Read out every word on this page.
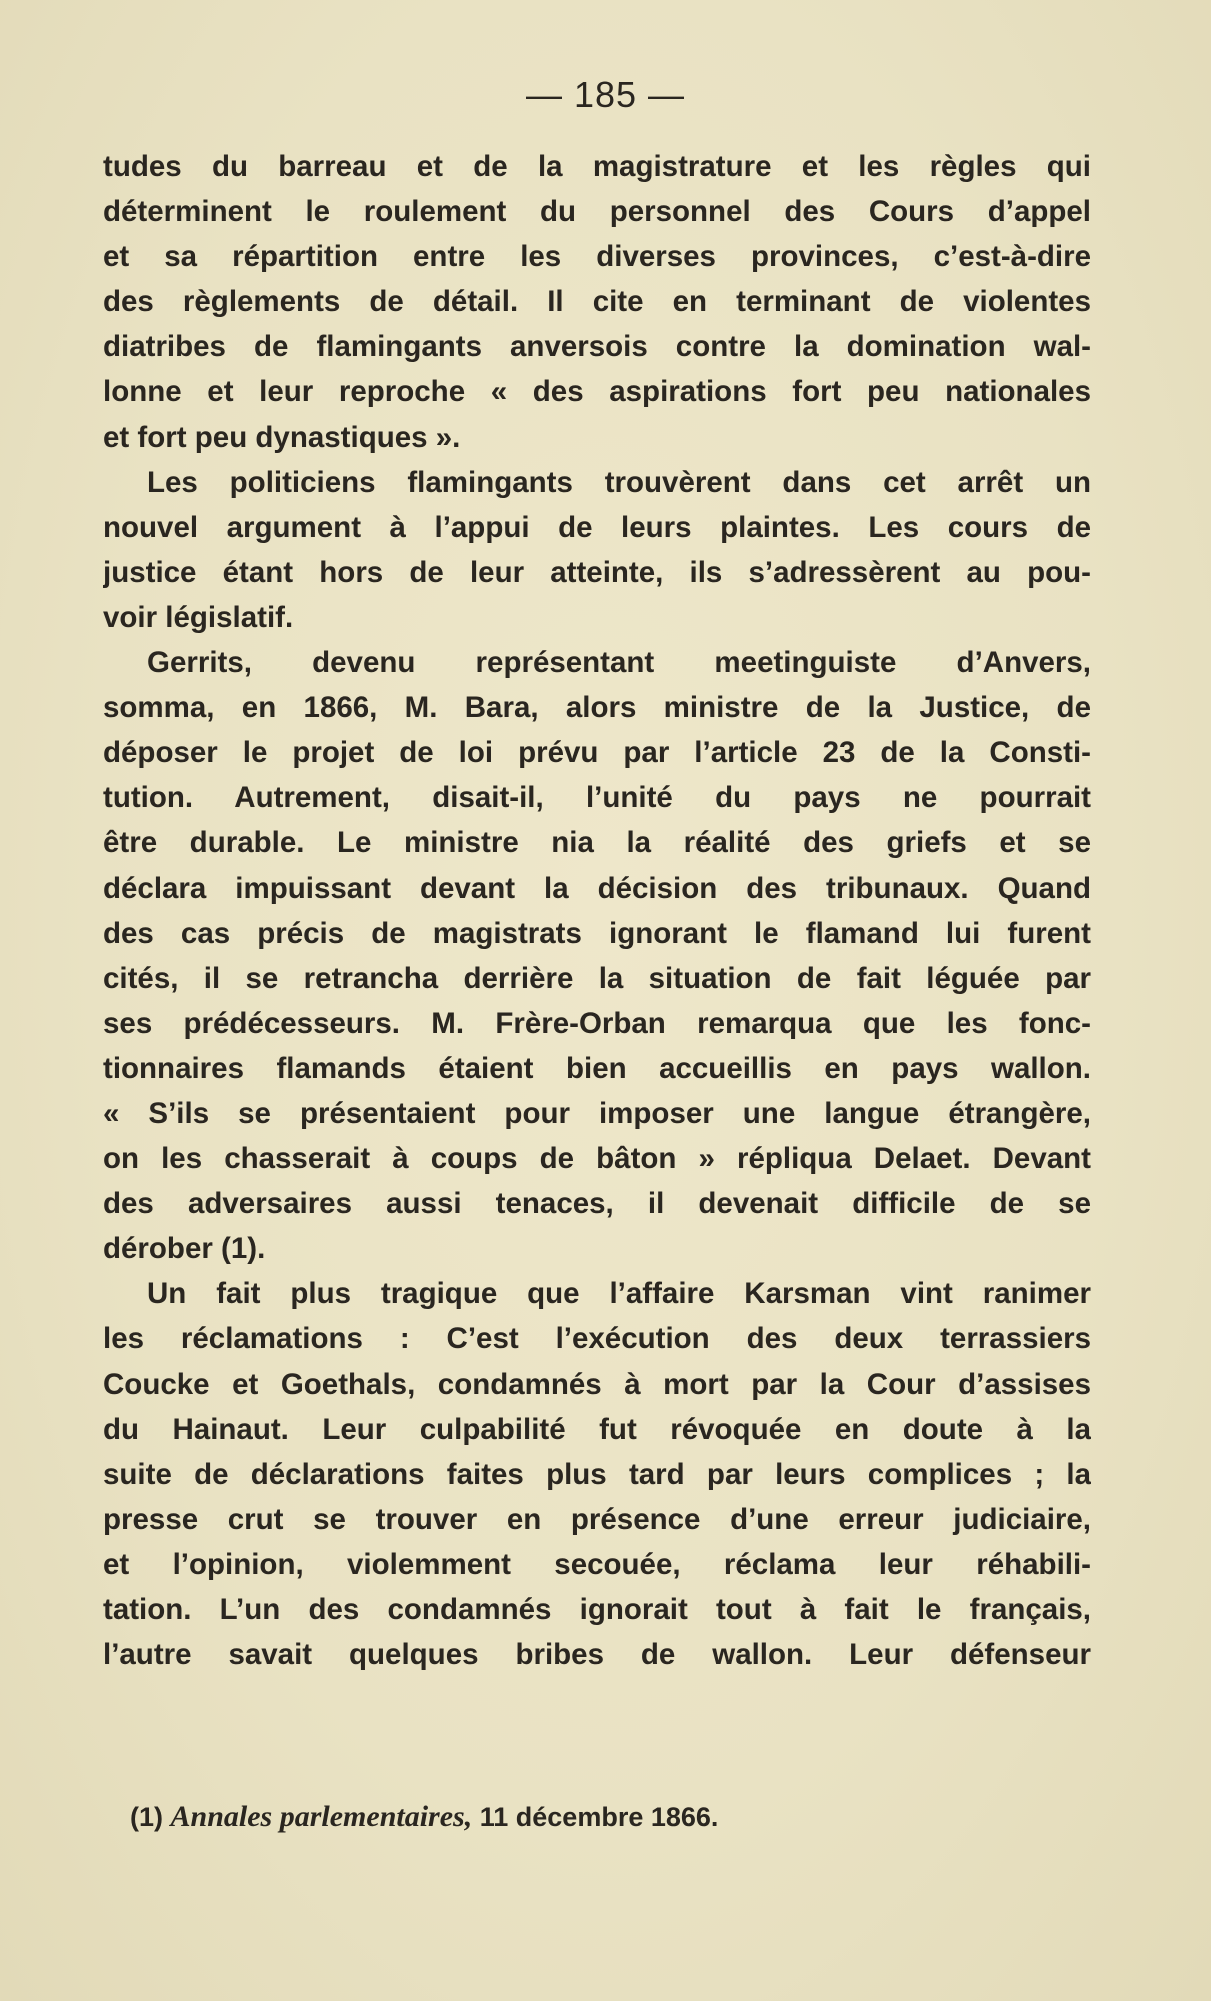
— 185 —
tudes du barreau et de la magistrature et les règles qui
déterminent le roulement du personnel des Cours d’appel
et sa répartition entre les diverses provinces, c’est-à-dire
des règlements de détail. Il cite en terminant de violentes
diatribes de flamingants anversois contre la domination wal-
lonne et leur reproche « des aspirations fort peu nationales
et fort peu dynastiques ».
Les politiciens flamingants trouvèrent dans cet arrêt un
nouvel argument à l’appui de leurs plaintes. Les cours de
justice étant hors de leur atteinte, ils s’adressèrent au pou-
voir législatif.
Gerrits, devenu représentant meetinguiste d’Anvers,
somma, en 1866, M. Bara, alors ministre de la Justice, de
déposer le projet de loi prévu par l’article 23 de la Consti-
tution. Autrement, disait-il, l’unité du pays ne pourrait
être durable. Le ministre nia la réalité des griefs et se
déclara impuissant devant la décision des tribunaux. Quand
des cas précis de magistrats ignorant le flamand lui furent
cités, il se retrancha derrière la situation de fait léguée par
ses prédécesseurs. M. Frère-Orban remarqua que les fonc-
tionnaires flamands étaient bien accueillis en pays wallon.
« S’ils se présentaient pour imposer une langue étrangère,
on les chasserait à coups de bâton » répliqua Delaet. Devant
des adversaires aussi tenaces, il devenait difficile de se
dérober (1).
Un fait plus tragique que l’affaire Karsman vint ranimer
les réclamations : C’est l’exécution des deux terrassiers
Coucke et Goethals, condamnés à mort par la Cour d’assises
du Hainaut. Leur culpabilité fut révoquée en doute à la
suite de déclarations faites plus tard par leurs complices ; la
presse crut se trouver en présence d’une erreur judiciaire,
et l’opinion, violemment secouée, réclama leur réhabili-
tation. L’un des condamnés ignorait tout à fait le français,
l’autre savait quelques bribes de wallon. Leur défenseur
(1) Annales parlementaires, 11 décembre 1866.
